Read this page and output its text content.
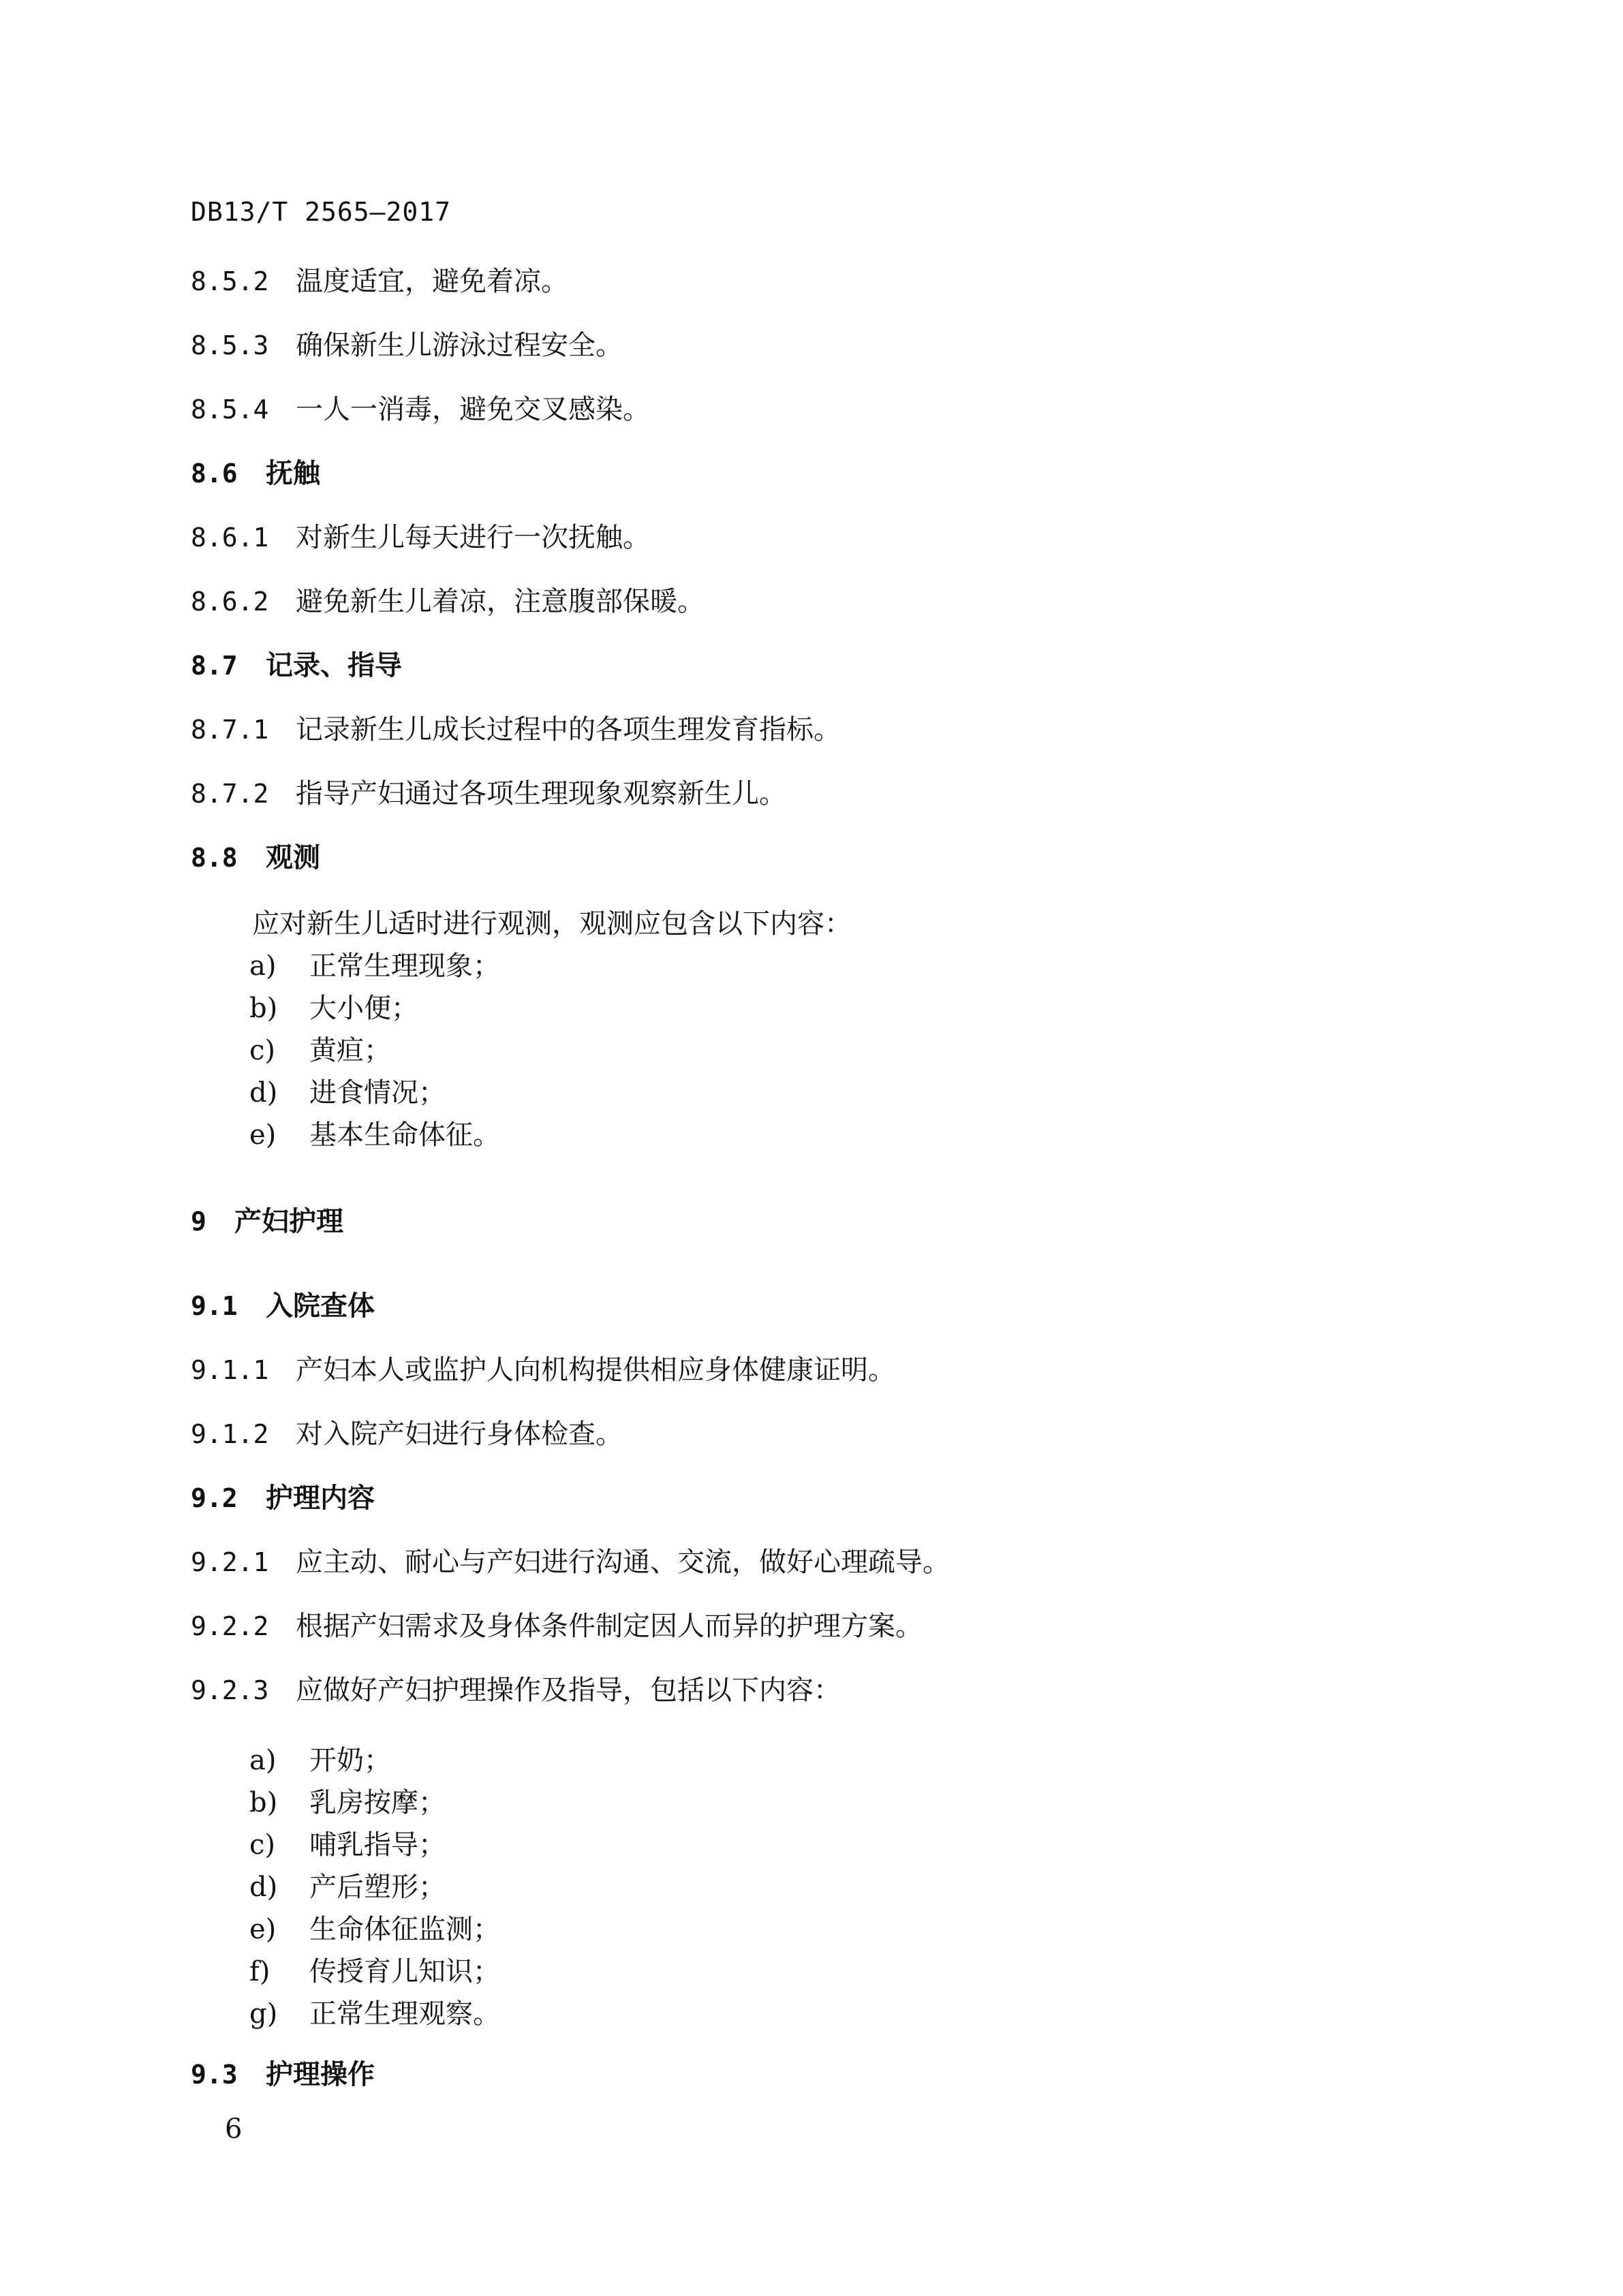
DB13/T 2565—2017
8.5.2 温度适宜，避免着凉。
8.5.3 确保新生儿游泳过程安全。
8.5.4 一人一消毒，避免交叉感染。
8.6 抚触
8.6.1 对新生儿每天进行一次抚触。
8.6.2 避免新生儿着凉，注意腹部保暖。
8.7 记录、指导
8.7.1 记录新生儿成长过程中的各项生理发育指标。
8.7.2 指导产妇通过各项生理现象观察新生儿。
8.8 观测
应对新生儿适时进行观测，观测应包含以下内容：
a) 正常生理现象；
b) 大小便；
c) 黄疸；
d) 进食情况；
e) 基本生命体征。
9 产妇护理
9.1 入院查体
9.1.1 产妇本人或监护人向机构提供相应身体健康证明。
9.1.2 对入院产妇进行身体检查。
9.2 护理内容
9.2.1 应主动、耐心与产妇进行沟通、交流，做好心理疏导。
9.2.2 根据产妇需求及身体条件制定因人而异的护理方案。
9.2.3 应做好产妇护理操作及指导，包括以下内容：
a) 开奶；
b) 乳房按摩；
c) 哺乳指导；
d) 产后塑形；
e) 生命体征监测；
f) 传授育儿知识；
g) 正常生理观察。
9.3 护理操作
6
